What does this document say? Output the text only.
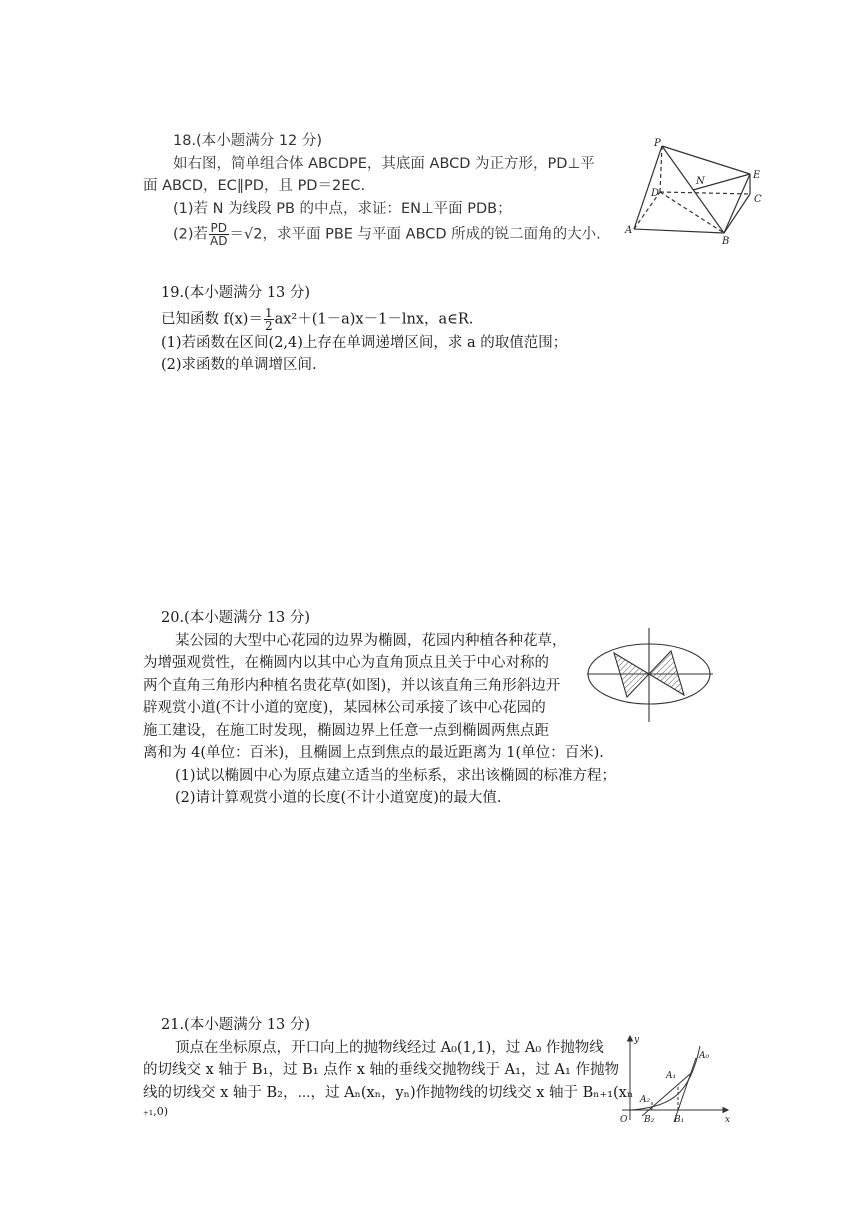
18.(本小题满分 12 分)
如右图，简单组合体 ABCDPE，其底面 ABCD 为正方形，PD⊥平
面 ABCD，EC∥PD，且 PD＝2EC.
(1)若 N 为线段 PB 的中点，求证：EN⊥平面 PDB；
(2)若 $\frac{PD}{AD} =√2$，求平面 PBE 与平面 ABCD 所成的锐二面角的大小.
P
N
E
D
C
A
B
19.(本小题满分 13 分)
已知函数 $f(x)= \frac{1}{2} ax^2+(1-a)x-1-\ln x$，a∈R.
(1)若函数在区间(2,4)上存在单调递增区间，求 a 的取值范围；
(2)求函数的单调增区间.
20.(本小题满分 13 分)
某公园的大型中心花园的边界为椭圆，花园内种植各种花草，
为增强观赏性，在椭圆内以其中心为直角顶点且关于中心对称的
两个直角三角形内种植名贵花草(如图)，并以该直角三角形斜边开
辟观赏小道(不计小道的宽度)，某园林公司承接了该中心花园的
施工建设，在施工时发现，椭圆边界上任意一点到椭圆两焦点距
离和为 4(单位：百米)，且椭圆上点到焦点的最近距离为 1(单位：百米).
(1)试以椭圆中心为原点建立适当的坐标系，求出该椭圆的标准方程；
(2)请计算观赏小道的长度(不计小道宽度)的最大值.
21.(本小题满分 13 分)
顶点在坐标原点，开口向上的抛物线经过 A₀(1,1)，过 A₀ 作抛物线
的切线交 x 轴于 B₁，过 B₁ 点作 x 轴的垂线交抛物线于 A₁，过 A₁ 作抛物
线的切线交 x 轴于 B₂，⋯，过 Aₙ(xₙ，yₙ)作抛物线的切线交 x 轴于 Bₙ₊₁(xₙ
₊₁,0)
y
x
O
A₀
A₁
A₂
B₂ B₁
